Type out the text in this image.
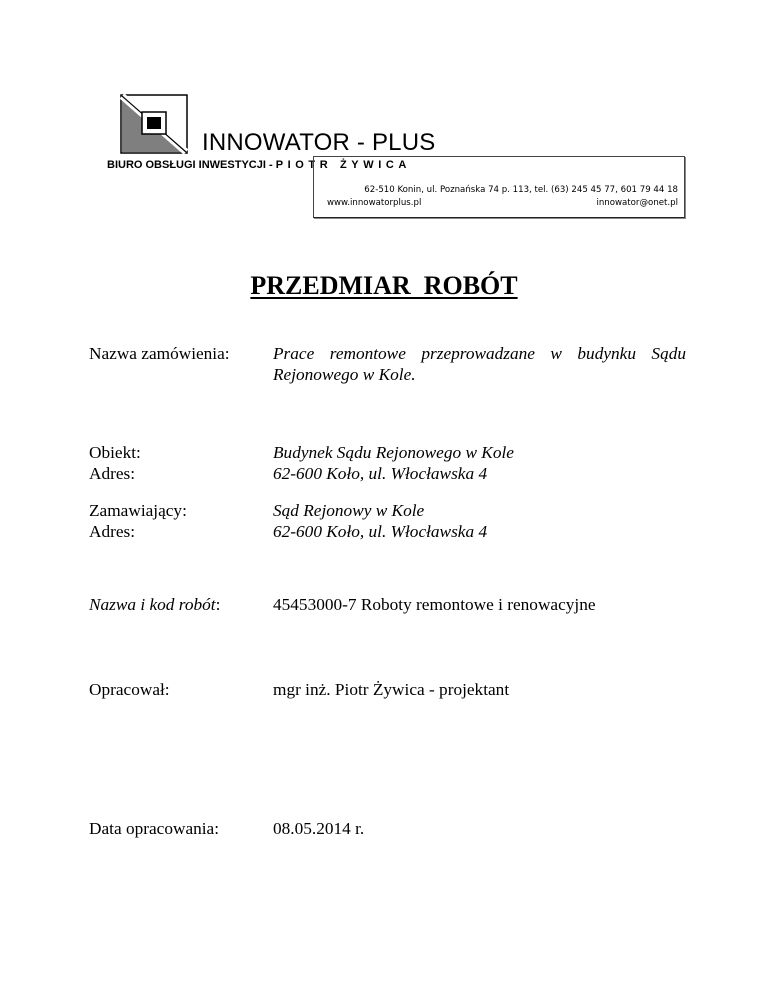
INNOWATOR - PLUS
BIURO OBSŁUGI INWESTYCJI - PIOTR ŻYWICA
62-510 Konin, ul. Poznańska 74 p. 113, tel. (63) 245 45 77, 601 79 44 18
www.innowatorplus.pl	innowator@onet.pl
PRZEDMIAR  ROBÓT
Nazwa zamówienia:	Prace remontowe przeprowadzane w budynku Sądu
Rejonowego w Kole.
Obiekt:	Budynek Sądu Rejonowego w Kole
Adres:	62-600 Koło, ul. Włocławska 4
Zamawiający:	Sąd Rejonowy w Kole
Adres:	62-600 Koło, ul. Włocławska 4
Nazwa i kod robót:	45453000-7 Roboty remontowe i renowacyjne
Opracował:	mgr inż. Piotr Żywica - projektant
Data opracowania:	08.05.2014 r.
